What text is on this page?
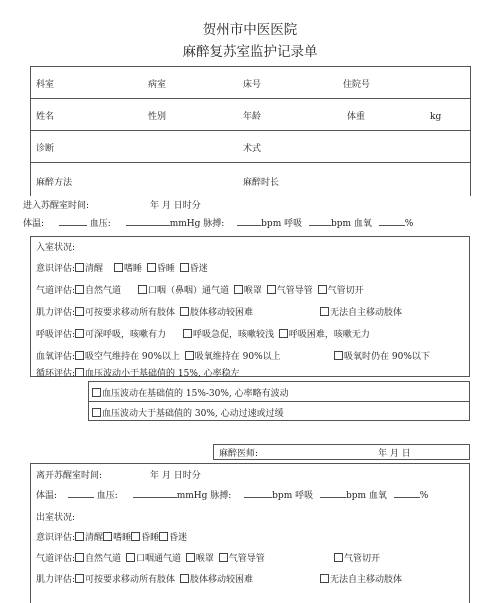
贺州市中医医院
麻醉复苏室监护记录单
科室	病室	床号	住院号
姓名	性别	年龄	体重	kg
诊断	术式
麻醉方法	麻醉时长
进入苏醒室时间:	年 月 日时分
体温:	血压:	mmHg 脉搏:	bpm 呼吸	bpm 血氧	%
入室状况:
意识评估: 清醒 嗜睡 昏睡 昏迷
气道评估: 自然气道	口咽（鼻咽）通气道 喉罩 气管导管 气管切开
肌力评估: 可按要求移动所有肢体 肢体移动较困难	无法自主移动肢体
呼吸评估: 可深呼吸，咳嗽有力	呼吸急促，咳嗽较浅 呼吸困难，咳嗽无力
血氧评估: 吸空气维持在 90%以上 吸氧维持在 90%以上	吸氧时仍在 90%以下
循环评估: 血压波动小于基础值的 15%, 心率稳左
血压波动在基础值的 15%-30%, 心率略有波动
血压波动大于基础值的 30%, 心动过速或过缓
麻醉医师:	年 月 日
离开苏醒室时间:	年 月 日时分
体温:	血压:	mmHg 脉搏:	bpm 呼吸	bpm 血氧	%
出室状况:
意识评估: 清醒 嗜睡 昏睡 昏迷
气道评估: 自然气道 口咽通气道 喉罩 气管导管	气管切开
肌力评估: 可按要求移动所有肢体 肢体移动较困难	无法自主移动肢体
